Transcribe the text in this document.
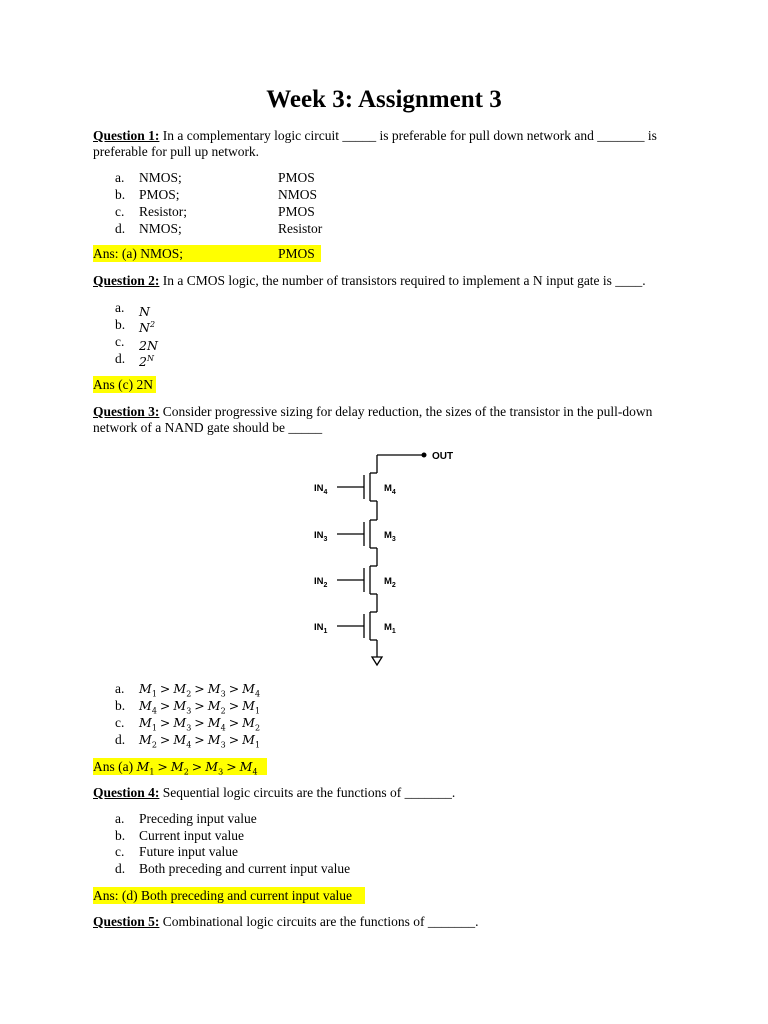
Week 3: Assignment 3
Question 1: In a complementary logic circuit _____ is preferable for pull down network and _______ is preferable for pull up network.
a.	NMOS;	PMOS
b.	PMOS;	NMOS
c.	Resistor;	PMOS
d.	NMOS;	Resistor
Ans: (a) NMOS;	PMOS
Question 2: In a CMOS logic, the number of transistors required to implement a N input gate is ____.
a.	N
b.	$N^2$
c.	2N
d.	$2^N$
Ans (c) 2N
Question 3: Consider progressive sizing for delay reduction, the sizes of the transistor in the pull-down network of a NAND gate should be _____
OUT
$IN_4$
$IN_3$
$IN_2$
$IN_1$
$M_4$
$M_3$
$M_2$
$M_1$
a.	$M_1 > M_2 > M_3 > M_4$
b.	$M_4 > M_3 > M_2 > M_1$
c.	$M_1 > M_3 > M_4 > M_2$
d.	$M_2 > M_4 > M_3 > M_1$
Ans (a) $M_1 > M_2 > M_3 > M_4$
Question 4: Sequential logic circuits are the functions of _______.
a.	Preceding input value
b.	Current input value
c.	Future input value
d.	Both preceding and current input value
Ans: (d) Both preceding and current input value
Question 5: Combinational logic circuits are the functions of _______.
